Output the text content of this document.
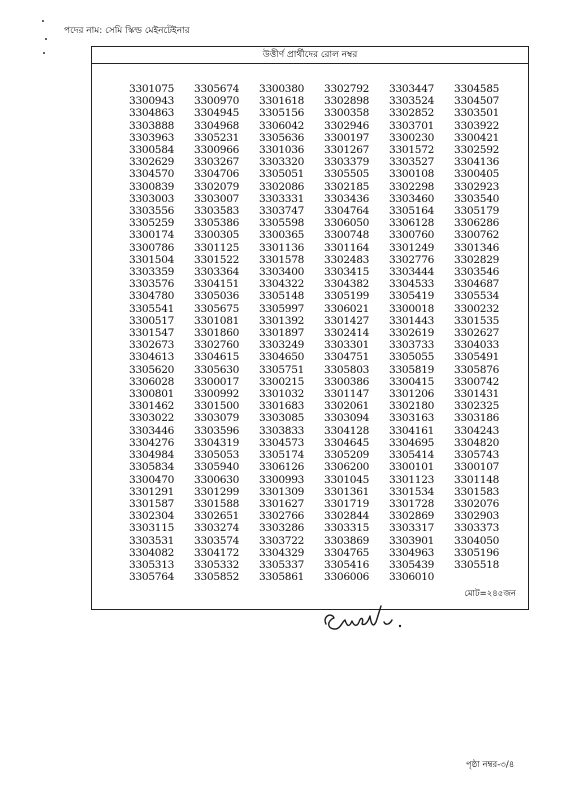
পদের নাম: সেমি স্কিল্ড মেইনটেইনার
উত্তীর্ণ প্রার্থীদের রোল নম্বর
3301075	3305674	3300380	3302792	3303447	3304585
3300943	3300970	3301618	3302898	3303524	3304507
3304863	3304945	3305156	3300358	3302852	3303501
3303888	3304968	3306042	3302946	3303701	3303922
3303963	3305231	3305636	3300197	3300230	3300421
3300584	3300966	3301036	3301267	3301572	3302592
3302629	3303267	3303320	3303379	3303527	3304136
3304570	3304706	3305051	3305505	3300108	3300405
3300839	3302079	3302086	3302185	3302298	3302923
3303003	3303007	3303331	3303436	3303460	3303540
3303556	3303583	3303747	3304764	3305164	3305179
3305259	3305386	3305598	3306050	3306128	3306286
3300174	3300305	3300365	3300748	3300760	3300762
3300786	3301125	3301136	3301164	3301249	3301346
3301504	3301522	3301578	3302483	3302776	3302829
3303359	3303364	3303400	3303415	3303444	3303546
3303576	3304151	3304322	3304382	3304533	3304687
3304780	3305036	3305148	3305199	3305419	3305534
3305541	3305675	3305997	3306021	3300018	3300232
3300517	3301081	3301392	3301427	3301443	3301535
3301547	3301860	3301897	3302414	3302619	3302627
3302673	3302760	3303249	3303301	3303733	3304033
3304613	3304615	3304650	3304751	3305055	3305491
3305620	3305630	3305751	3305803	3305819	3305876
3306028	3300017	3300215	3300386	3300415	3300742
3300801	3300992	3301032	3301147	3301206	3301431
3301462	3301500	3301683	3302061	3302180	3302325
3303022	3303079	3303085	3303094	3303163	3303186
3303446	3303596	3303833	3304128	3304161	3304243
3304276	3304319	3304573	3304645	3304695	3304820
3304984	3305053	3305174	3305209	3305414	3305743
3305834	3305940	3306126	3306200	3300101	3300107
3300470	3300630	3300993	3301045	3301123	3301148
3301291	3301299	3301309	3301361	3301534	3301583
3301587	3301588	3301627	3301719	3301728	3302076
3302304	3302651	3302766	3302844	3302869	3302903
3303115	3303274	3303286	3303315	3303317	3303373
3303531	3303574	3303722	3303869	3303901	3304050
3304082	3304172	3304329	3304765	3304963	3305196
3305313	3305332	3305337	3305416	3305439	3305518
3305764	3305852	3305861	3306006	3306010
মোট=২৪৫জন
পৃষ্ঠা নম্বর-৩/৪
